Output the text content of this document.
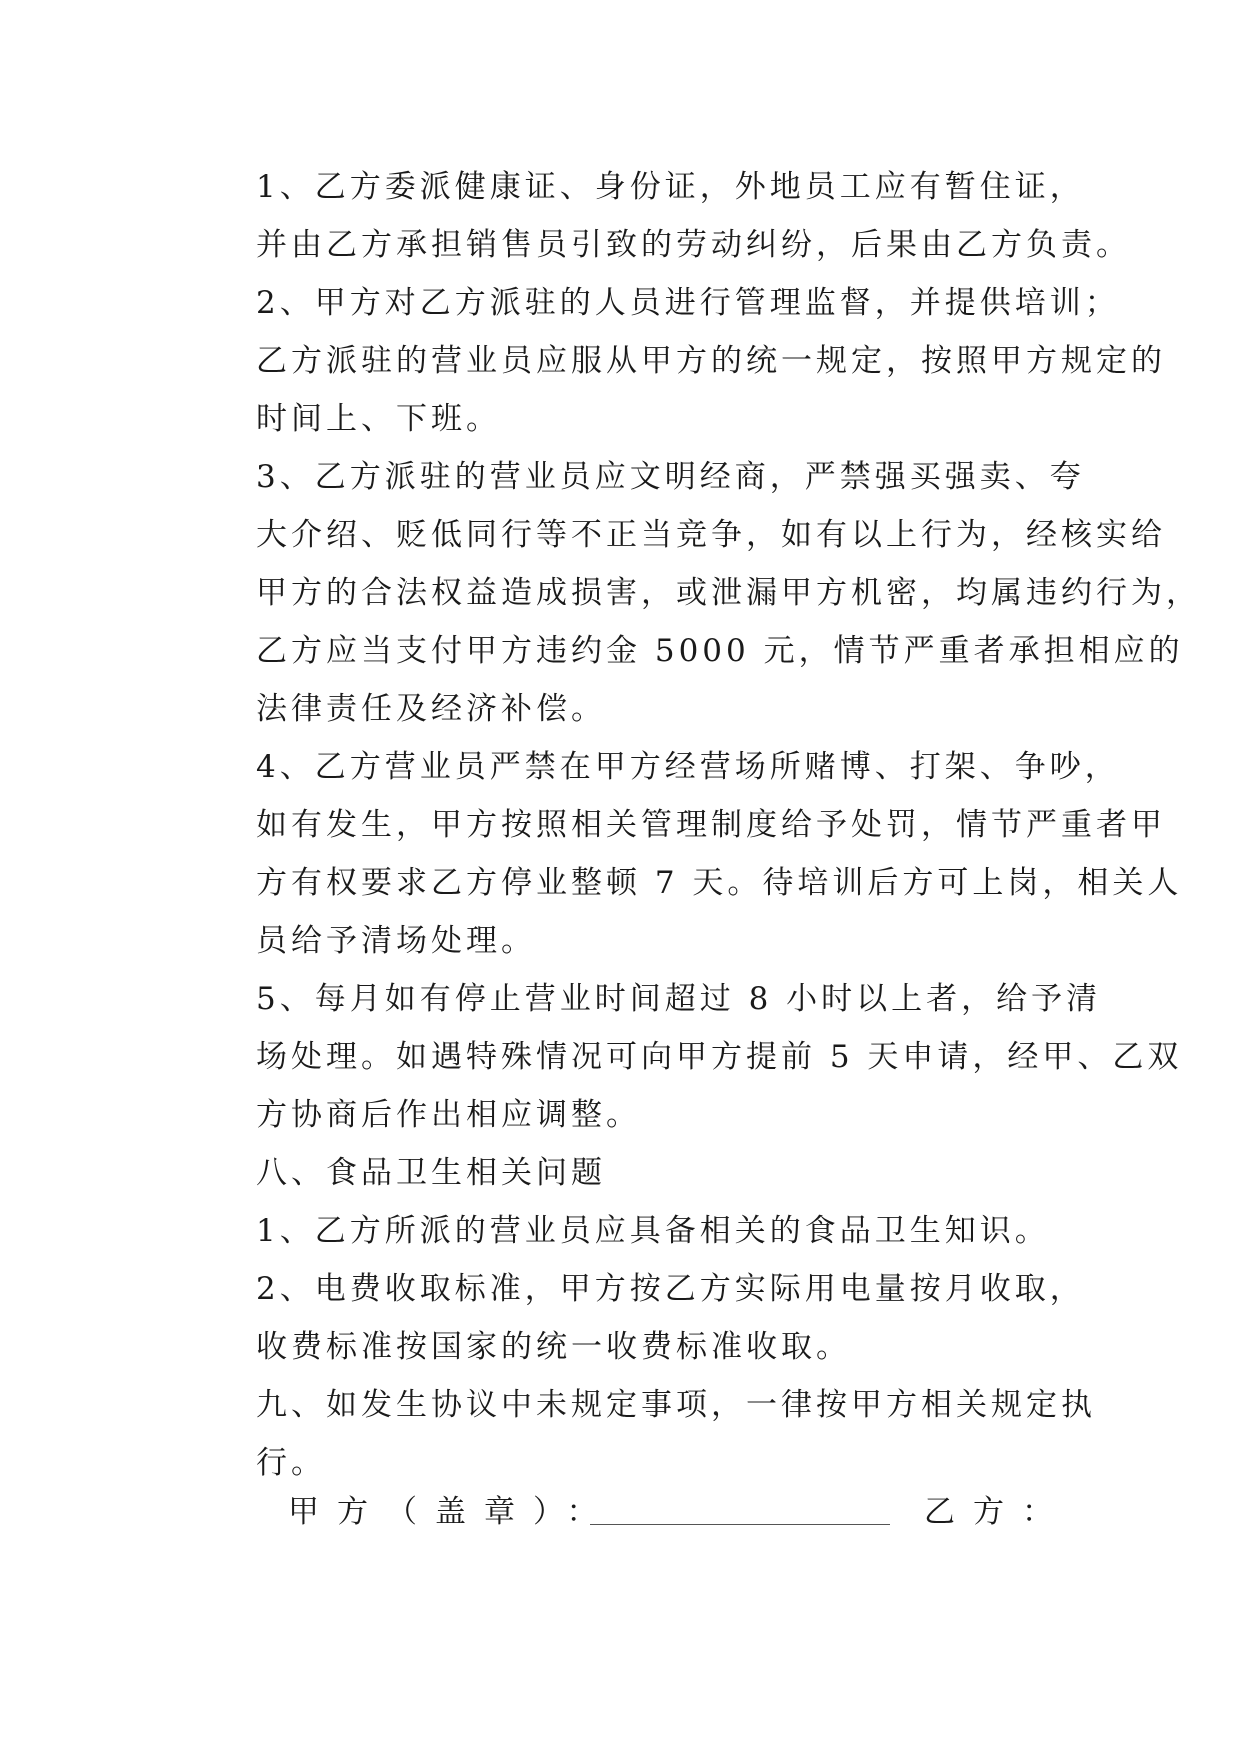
1、乙方委派健康证、身份证，外地员工应有暂住证，
并由乙方承担销售员引致的劳动纠纷，后果由乙方负责。

2、甲方对乙方派驻的人员进行管理监督，并提供培训；
乙方派驻的营业员应服从甲方的统一规定，按照甲方规定的
时间上、下班。

3、乙方派驻的营业员应文明经商，严禁强买强卖、夸
大介绍、贬低同行等不正当竞争，如有以上行为，经核实给
甲方的合法权益造成损害，或泄漏甲方机密，均属违约行为，
乙方应当支付甲方违约金 5000 元，情节严重者承担相应的
法律责任及经济补偿。

4、乙方营业员严禁在甲方经营场所赌博、打架、争吵，
如有发生，甲方按照相关管理制度给予处罚，情节严重者甲
方有权要求乙方停业整顿 7 天。待培训后方可上岗，相关人
员给予清场处理。

5、每月如有停止营业时间超过 8 小时以上者，给予清
场处理。如遇特殊情况可向甲方提前 5 天申请，经甲、乙双
方协商后作出相应调整。

八、食品卫生相关问题

1、乙方所派的营业员应具备相关的食品卫生知识。

2、电费收取标准，甲方按乙方实际用电量按月收取，
收费标准按国家的统一收费标准收取。

九、如发生协议中未规定事项，一律按甲方相关规定执
行。

甲方（盖章）：	乙方：
